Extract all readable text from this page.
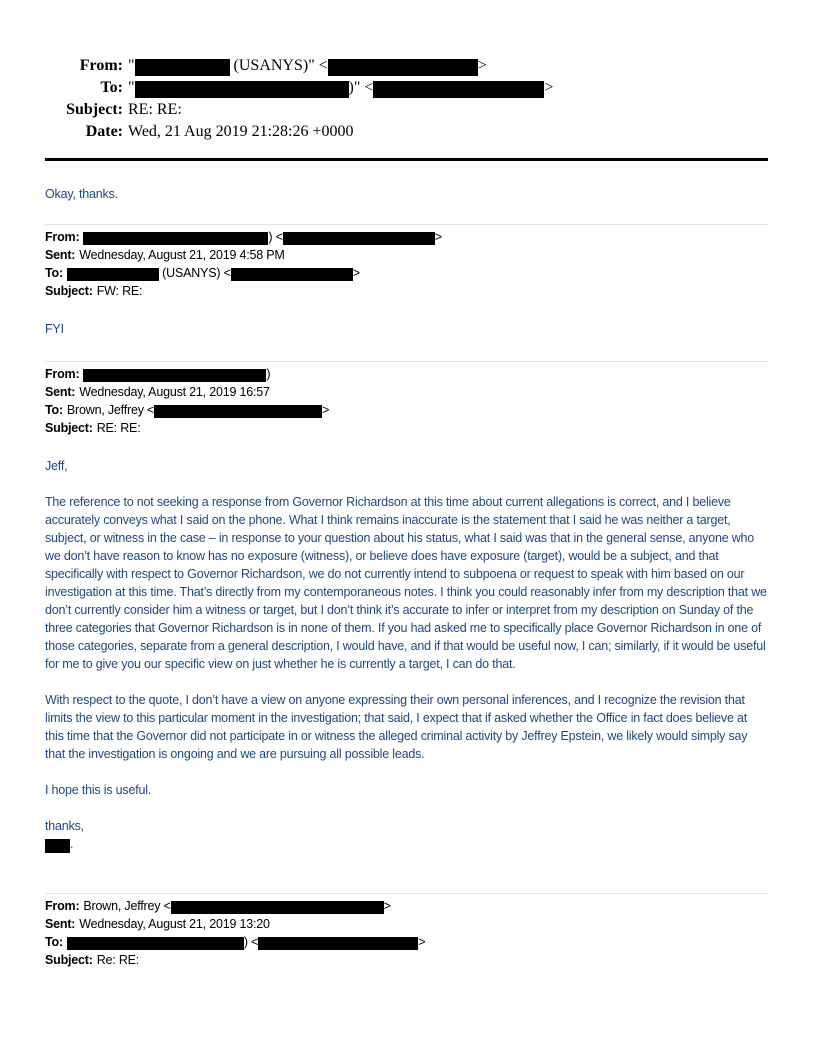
From: "	(USANYS)" <	>
To: "	)" <	>
Subject: RE: RE:
Date: Wed, 21 Aug 2019 21:28:26 +0000

Okay, thanks.

From:	) <	>
Sent: Wednesday, August 21, 2019 4:58 PM
To:	(USANYS) <	>
Subject: FW: RE:

FYI

From:	)
Sent: Wednesday, August 21, 2019 16:57
To: Brown, Jeffrey <	>
Subject: RE: RE:

Jeff,

The reference to not seeking a response from Governor Richardson at this time about current allegations is correct, and I believe accurately conveys what I said on the phone. What I think remains inaccurate is the statement that I said he was neither a target, subject, or witness in the case – in response to your question about his status, what I said was that in the general sense, anyone who we don’t have reason to know has no exposure (witness), or believe does have exposure (target), would be a subject, and that specifically with respect to Governor Richardson, we do not currently intend to subpoena or request to speak with him based on our investigation at this time. That’s directly from my contemporaneous notes. I think you could reasonably infer from my description that we don’t currently consider him a witness or target, but I don’t think it’s accurate to infer or interpret from my description on Sunday of the three categories that Governor Richardson is in none of them. If you had asked me to specifically place Governor Richardson in one of those categories, separate from a general description, I would have, and if that would be useful now, I can; similarly, if it would be useful for me to give you our specific view on just whether he is currently a target, I can do that.

With respect to the quote, I don’t have a view on anyone expressing their own personal inferences, and I recognize the revision that limits the view to this particular moment in the investigation; that said, I expect that if asked whether the Office in fact does believe at this time that the Governor did not participate in or witness the alleged criminal activity by Jeffrey Epstein, we likely would simply say that the investigation is ongoing and we are pursuing all possible leads.

I hope this is useful.

thanks,
.

From: Brown, Jeffrey <	>
Sent: Wednesday, August 21, 2019 13:20
To:	) <	>
Subject: Re: RE:
